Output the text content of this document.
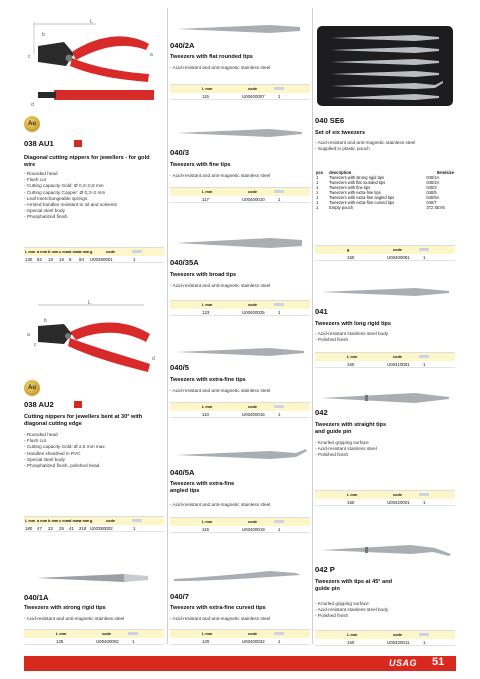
L
b
c	a
d
Au
038 AU1
Diagonal cutting nippers for jewellers - for gold wire
- Rounded head
- Flush cut
- Cutting capacity Gold: Ø 0,3÷0,8 mm
- Cutting capacity Copper: Ø 0,3÷2 mm
- Leaf interchangeable springs
- Armled handles resistant to oil and solvents
- Special steel body
- Phosphatized finish
L mm a mm b mm c mm d mm ø mm g	code
130 52 19 16 8 94 U00380001	1
L
b
a
d
c
Au
038 AU2
Cutting nippers for jewellers bent at 30° with diagonal cutting edge
- Rounded head
- Flush cut
- Cutting capacity Gold: Ø 2,5 mm max
- Handles sheathed in PVC
- Special steel body
- Phosphatized finish, polished head
L mm a mm b mm c mm d mm ø mm g	code
180 47 22 25 41 218 U00380002	1
040/1A
Tweezers with strong rigid tips
- Acid-resistant and anti-magnetic stainless steel
L mm	code
125	U00400002	1
040/2A
Tweezers with flat rounded tips
- Acid-resistant and anti-magnetic stainless steel
L mm	code
115	U00400007	1
040/3
Tweezers with fine tips
- Acid-resistant and anti-magnetic stainless steel
L mm	code
117	U00400010	1
040/35A
Tweezers with broad tips
- Acid-resistant and anti-magnetic stainless steel
L mm	code
123	U00400025	1
040/5
Tweezers with extra-fine tips
- Acid-resistant and anti-magnetic stainless steel
L mm	code
110	U00400016	1
040/5A
Tweezers with extra-fine angled tips
- Acid-resistant and anti-magnetic stainless steel
L mm	code
115	U00400019	1
040/7
Tweezers with extra-fine curved tips
- Acid-resistant and anti-magnetic stainless steel
L mm	code
120	U00400022	1
040 SE6
Set of six tweezers
- Acid-resistant and anti-magnetic stainless steel
- Supplied in plastic pouch
pcs	description	Item/size
1	Tweezers with strong rigid tips	040/1A
1	Tweezers with flat rounded tips	040/2A
1	Tweezers with fine tips	040/3
1	Tweezers with extra-fine tips	040/5
1	Tweezers with extra-fine angled tips	040/5A
1	Tweezers with extra-fine curved tips	040/7
1	Empty pouch	372 SEV6
g	code
150	U00400081	1
041
Tweezers with long rigid tips
- Acid-resistant stainless steel body
- Polished finish
L mm	code
160	U00410001	1
042
Tweezers with straight tips and guide pin
- Knurled gripping surface
- Acid-resistant stainless steel
- Polished finish
L mm	code
150	U00420001	1
042 P
Tweezers with tips at 45° and guide pin
- Knurled gripping surface
- Acid-resistant stainless steel body
- Polished finish
L mm	code
150	U00420011	1
USAG 51
